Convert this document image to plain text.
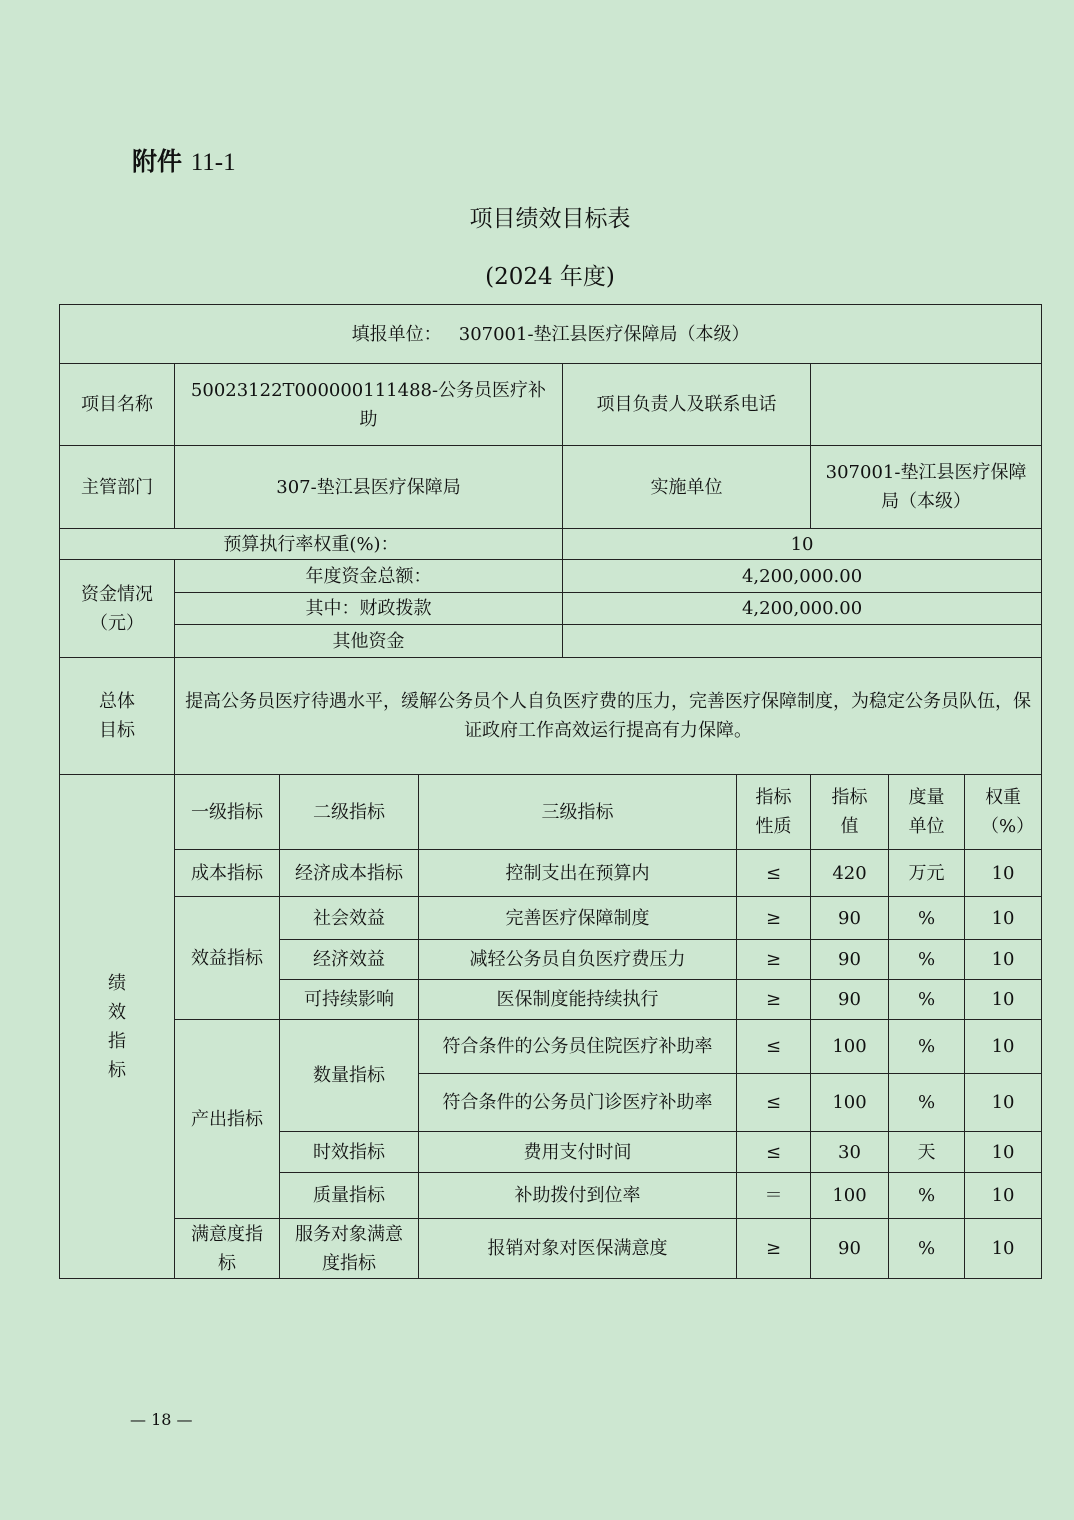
附件 11-1
项目绩效目标表
(2024 年度)
填报单位： 307001-垫江县医疗保障局（本级）								
项目名称	50023122T000000111488-公务员医疗补助			项目负责人及联系电话				
主管部门	307-垫江县医疗保障局			实施单位		307001-垫江县医疗保障局（本级）		
预算执行率权重(%)：				10				
资金情况（元）	年度资金总额：			4,200,000.00				
	其中：财政拨款			4,200,000.00				
	其他资金							
总体目标	提高公务员医疗待遇水平，缓解公务员个人自负医疗费的压力，完善医疗保障制度，为稳定公务员队伍，保证政府工作高效运行提高有力保障。							
绩效指标	一级指标	二级指标	三级指标		指标性质	指标值	度量单位	权重（%）
	成本指标	经济成本指标	控制支出在预算内		≤	420	万元	10
	效益指标	社会效益	完善医疗保障制度		≥	90	%	10
		经济效益	减轻公务员自负医疗费压力		≥	90	%	10
		可持续影响	医保制度能持续执行		≥	90	%	10
	产出指标	数量指标	符合条件的公务员住院医疗补助率		≤	100	%	10
			符合条件的公务员门诊医疗补助率		≤	100	%	10
		时效指标	费用支付时间		≤	30	天	10
		质量指标	补助拨付到位率		＝	100	%	10
	满意度指标	服务对象满意度指标	报销对象对医保满意度		≥	90	%	10
— 18 —
